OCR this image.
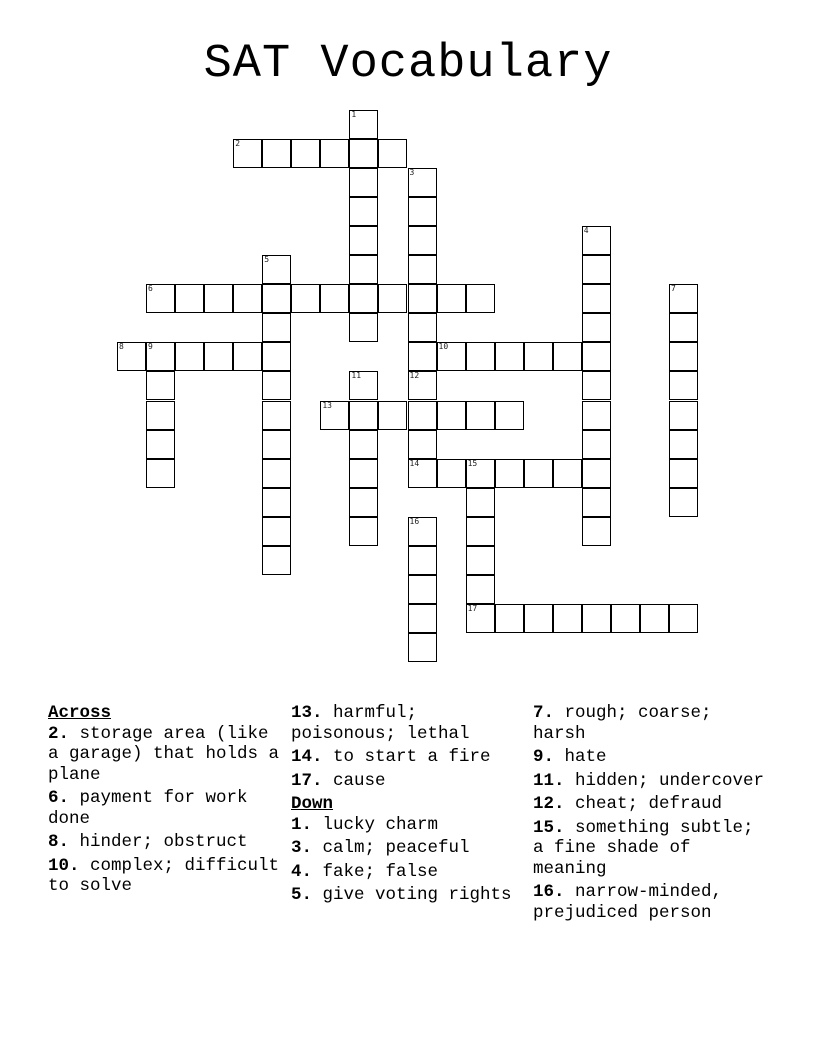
SAT Vocabulary
1
2
3
4
5
6	7
8	9	10
11	12
14
13
15
17
16
Across
2. storage area (like a garage) that holds a plane
6. payment for work done
8. hinder; obstruct
10. complex; difficult to solve
13. harmful; poisonous; lethal
14. to start a fire
17. cause
Down
1. lucky charm
3. calm; peaceful
4. fake; false
5. give voting rights
7. rough; coarse; harsh
9. hate
11. hidden; undercover
12. cheat; defraud
15. something subtle; a fine shade of meaning
16. narrow-minded, prejudiced person
